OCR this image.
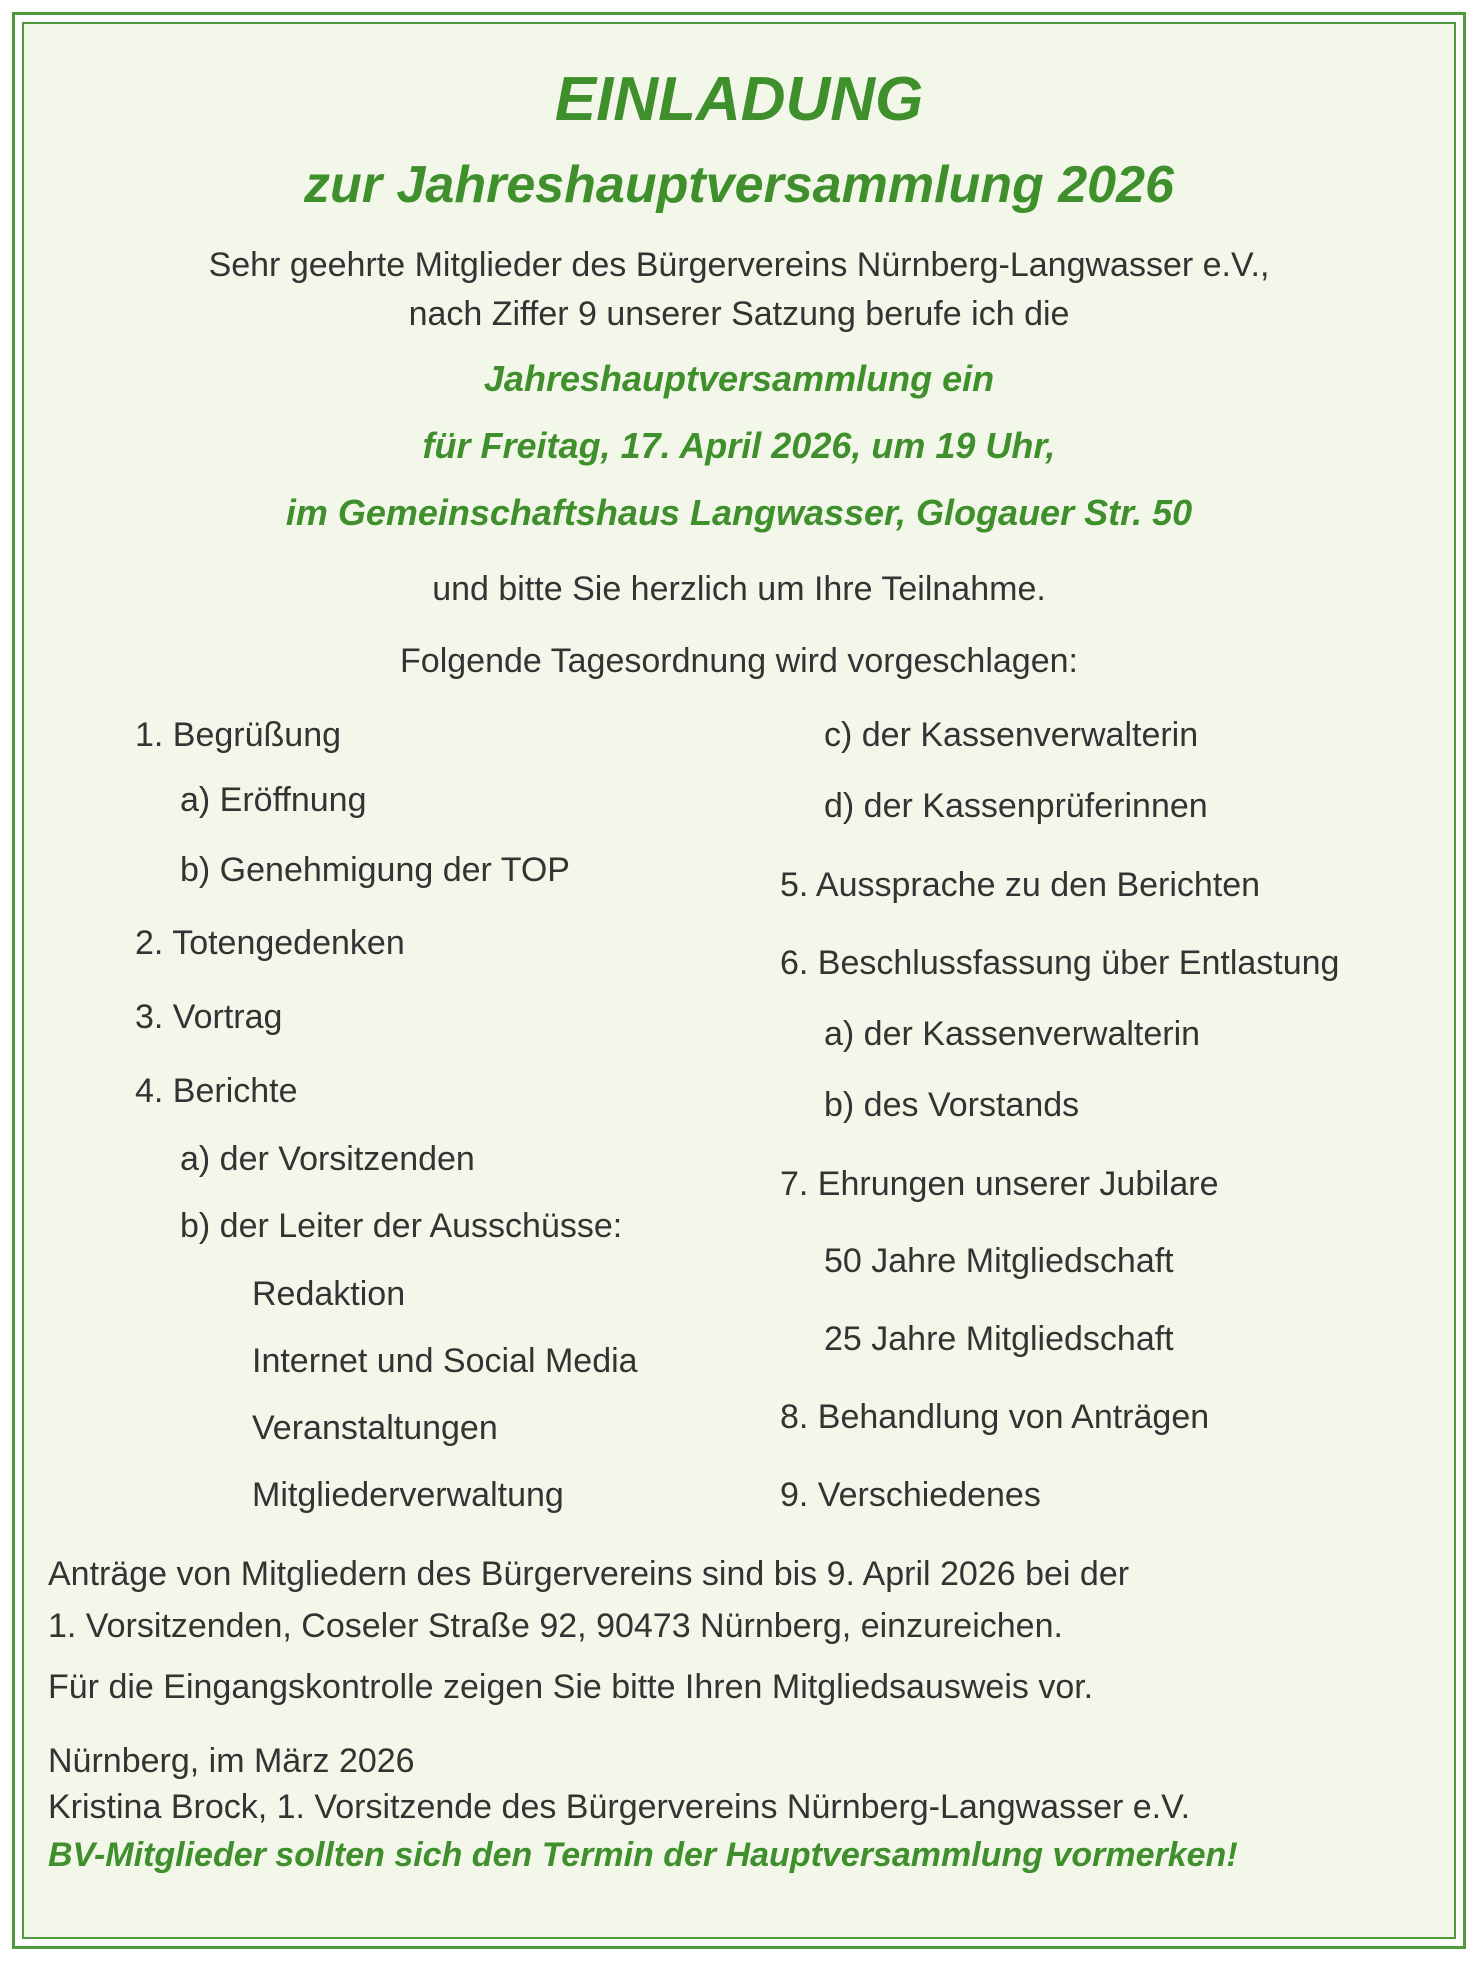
EINLADUNG
zur Jahreshauptversammlung 2026
Sehr geehrte Mitglieder des Bürgervereins Nürnberg-Langwasser e.V.,
nach Ziffer 9 unserer Satzung berufe ich die
Jahreshauptversammlung ein
für Freitag, 17. April 2026, um 19 Uhr,
im Gemeinschaftshaus Langwasser, Glogauer Str. 50
und bitte Sie herzlich um Ihre Teilnahme.
Folgende Tagesordnung wird vorgeschlagen:
1. Begrüßung
a) Eröffnung
b) Genehmigung der TOP
2. Totengedenken
3. Vortrag
4. Berichte
a) der Vorsitzenden
b) der Leiter der Ausschüsse:
Redaktion
Internet und Social Media
Veranstaltungen
Mitgliederverwaltung
c) der Kassenverwalterin
d) der Kassenprüferinnen
5. Aussprache zu den Berichten
6. Beschlussfassung über Entlastung
a) der Kassenverwalterin
b) des Vorstands
7. Ehrungen unserer Jubilare
50 Jahre Mitgliedschaft
25 Jahre Mitgliedschaft
8. Behandlung von Anträgen
9. Verschiedenes
Anträge von Mitgliedern des Bürgervereins sind bis 9. April 2026 bei der
1. Vorsitzenden, Coseler Straße 92, 90473 Nürnberg, einzureichen.
Für die Eingangskontrolle zeigen Sie bitte Ihren Mitgliedsausweis vor.
Nürnberg, im März 2026
Kristina Brock, 1. Vorsitzende des Bürgervereins Nürnberg-Langwasser e.V.
BV-Mitglieder sollten sich den Termin der Hauptversammlung vormerken!
